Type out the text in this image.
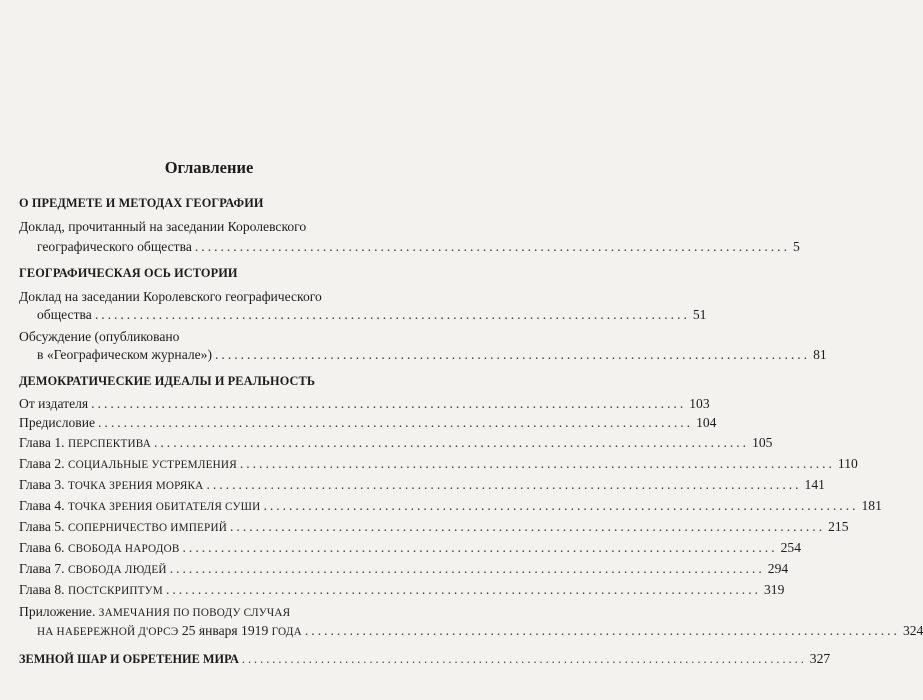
Оглавление
О ПРЕДМЕТЕ И МЕТОДАХ ГЕОГРАФИИ
Доклад, прочитанный на заседании Королевского
географического общества ............................................................................................. 5
ГЕОГРАФИЧЕСКАЯ ОСЬ ИСТОРИИ
Доклад на заседании Королевского географического
общества ............................................................................................. 51
Обсуждение (опубликовано
в «Географическом журнале») ............................................................................................. 81
ДЕМОКРАТИЧЕСКИЕ ИДЕАЛЫ И РЕАЛЬНОСТЬ
От издателя ............................................................................................. 103
Предисловие ............................................................................................. 104
Глава 1. ПЕРСПЕКТИВА ............................................................................................. 105
Глава 2. СОЦИАЛЬНЫЕ УСТРЕМЛЕНИЯ ............................................................................................. 110
Глава 3. ТОЧКА ЗРЕНИЯ МОРЯКА ............................................................................................. 141
Глава 4. ТОЧКА ЗРЕНИЯ ОБИТАТЕЛЯ СУШИ ............................................................................................. 181
Глава 5. СОПЕРНИЧЕСТВО ИМПЕРИЙ ............................................................................................. 215
Глава 6. СВОБОДА НАРОДОВ ............................................................................................. 254
Глава 7. СВОБОДА ЛЮДЕЙ ............................................................................................. 294
Глава 8. ПОСТСКРИПТУМ ............................................................................................. 319
Приложение. ЗАМЕЧАНИЯ ПО ПОВОДУ СЛУЧАЯ
НА НАБЕРЕЖНОЙ Д'ОРСЭ 25 января 1919 ГОДА ............................................................................................. 324
ЗЕМНОЙ ШАР И ОБРЕТЕНИЕ МИРА ............................................................................................. 327
